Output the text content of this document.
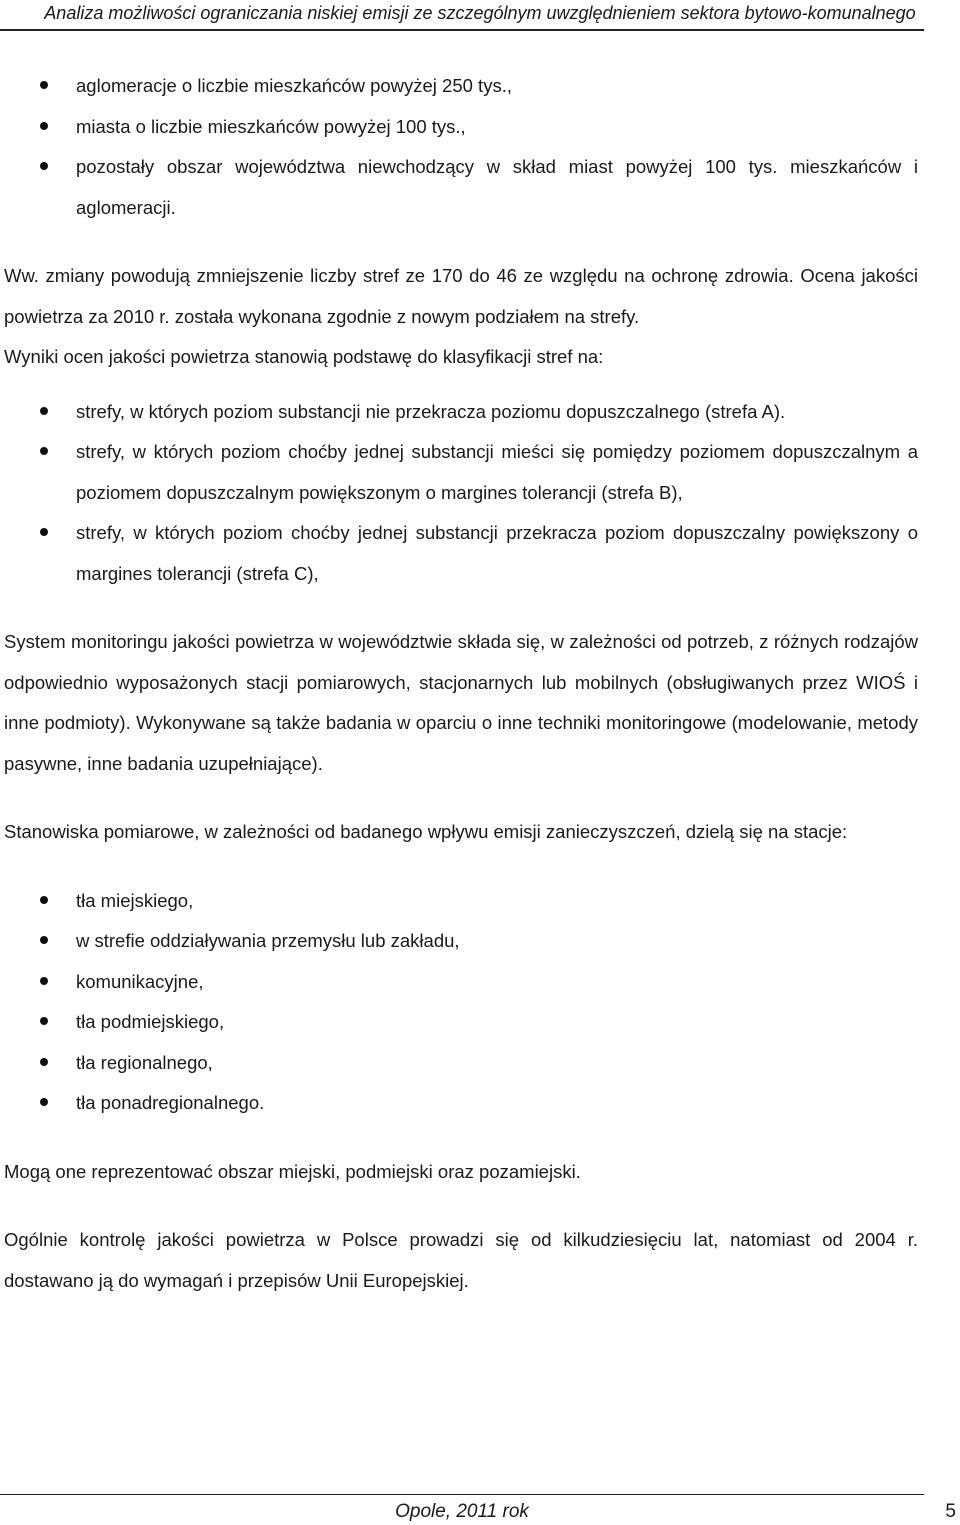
Analiza możliwości ograniczania niskiej emisji ze szczególnym uwzględnieniem sektora bytowo-komunalnego
aglomeracje o liczbie mieszkańców powyżej 250 tys.,
miasta o liczbie mieszkańców powyżej 100 tys.,
pozostały obszar województwa niewchodzący w skład miast powyżej 100 tys. mieszkańców i aglomeracji.

Ww. zmiany powodują zmniejszenie liczby stref ze 170 do 46 ze względu na ochronę zdrowia. Ocena jakości powietrza za 2010 r. została wykonana zgodnie z nowym podziałem na strefy.

Wyniki ocen jakości powietrza stanowią podstawę do klasyfikacji stref na:

strefy, w których poziom substancji nie przekracza poziomu dopuszczalnego (strefa A).
strefy, w których poziom choćby jednej substancji mieści się pomiędzy poziomem dopuszczalnym a poziomem dopuszczalnym powiększonym o margines tolerancji (strefa B),
strefy, w których poziom choćby jednej substancji przekracza poziom dopuszczalny powiększony o margines tolerancji (strefa C),

System monitoringu jakości powietrza w województwie składa się, w zależności od potrzeb, z różnych rodzajów odpowiednio wyposażonych stacji pomiarowych, stacjonarnych lub mobilnych (obsługiwanych przez WIOŚ i inne podmioty). Wykonywane są także badania w oparciu o inne techniki monitoringowe (modelowanie, metody pasywne, inne badania uzupełniające).

Stanowiska pomiarowe, w zależności od badanego wpływu emisji zanieczyszczeń, dzielą się na stacje:

tła miejskiego,
w strefie oddziaływania przemysłu lub zakładu,
komunikacyjne,
tła podmiejskiego,
tła regionalnego,
tła ponadregionalnego.

Mogą one reprezentować obszar miejski, podmiejski oraz pozamiejski.

Ogólnie kontrolę jakości powietrza w Polsce prowadzi się od kilkudziesięciu lat, natomiast od 2004 r. dostawano ją do wymagań i przepisów Unii Europejskiej.

Opole, 2011 rok	5
